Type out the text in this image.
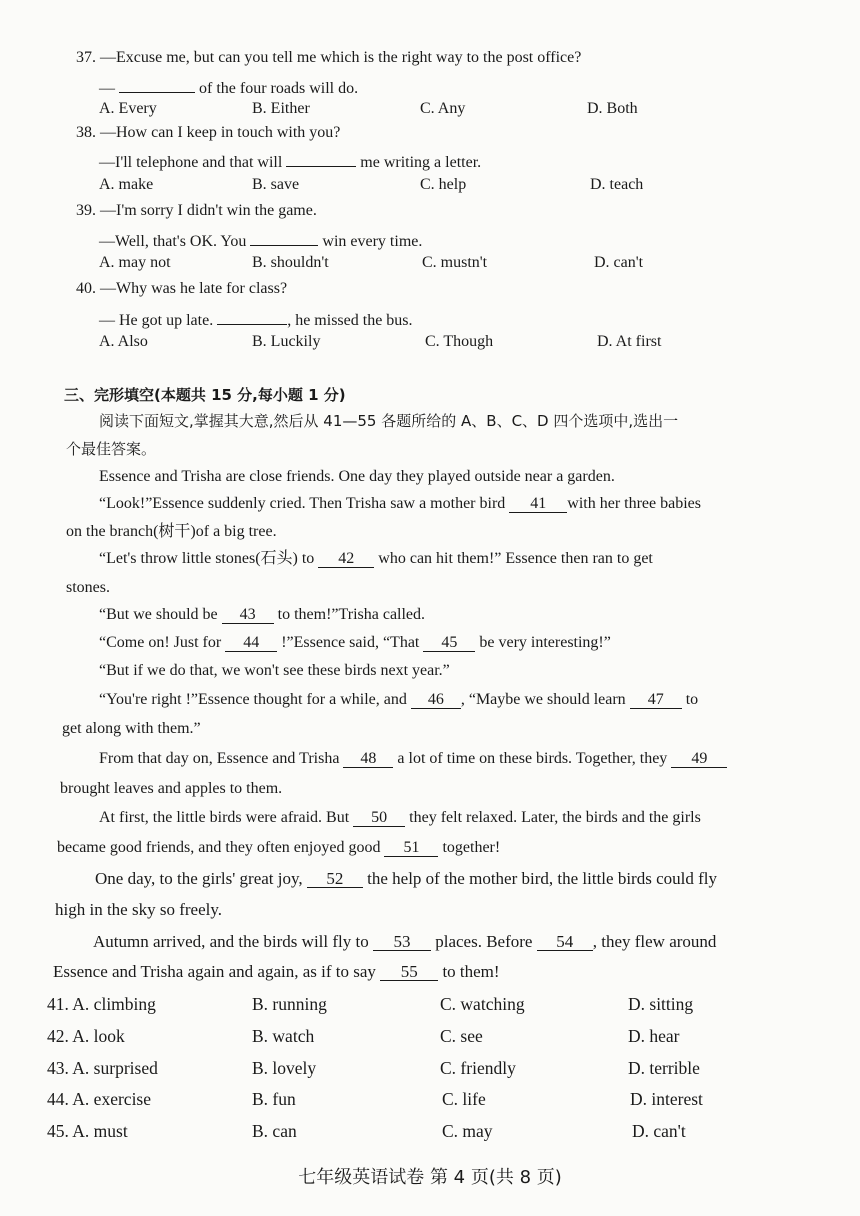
37. —Excuse me, but can you tell me which is the right way to the post office?
—	of the four roads will do.
A. Every	B. Either	C. Any	D. Both
38. —How can I keep in touch with you?
—I'll telephone and that will	me writing a letter.
A. make	B. save	C. help	D. teach
39. —I'm sorry I didn't win the game.
—Well, that's OK. You	win every time.
A. may not	B. shouldn't	C. mustn't	D. can't
40. —Why was he late for class?
— He got up late.	, he missed the bus.
A. Also	B. Luckily	C. Though	D. At first
三、完形填空(本题共 15 分,每小题 1 分)
阅读下面短文,掌握其大意,然后从 41—55 各题所给的 A、B、C、D 四个选项中,选出一
个最佳答案。
Essence and Trisha are close friends. One day they played outside near a garden.
“Look!”Essence suddenly cried. Then Trisha saw a mother bird 41 with her three babies
on the branch(树干)of a big tree.
“Let's throw little stones(石头) to 42 who can hit them!” Essence then ran to get
stones.
“But we should be 43 to them!”Trisha called.
“Come on! Just for 44 !”Essence said, “That 45 be very interesting!”
“But if we do that, we won't see these birds next year.”
“You're right !”Essence thought for a while, and 46 , “Maybe we should learn 47 to
get along with them.”
From that day on, Essence and Trisha 48 a lot of time on these birds. Together, they 49
brought leaves and apples to them.
At first, the little birds were afraid. But 50 they felt relaxed. Later, the birds and the girls
became good friends, and they often enjoyed good 51 together!
One day, to the girls' great joy, 52 the help of the mother bird, the little birds could fly
high in the sky so freely.
Autumn arrived, and the birds will fly to 53 places. Before 54 , they flew around
Essence and Trisha again and again, as if to say 55 to them!
41. A. climbing	B. running	C. watching	D. sitting
42. A. look	B. watch	C. see	D. hear
43. A. surprised	B. lovely	C. friendly	D. terrible
44. A. exercise	B. fun	C. life	D. interest
45. A. must	B. can	C. may	D. can't
七年级英语试卷 第 4 页(共 8 页)
